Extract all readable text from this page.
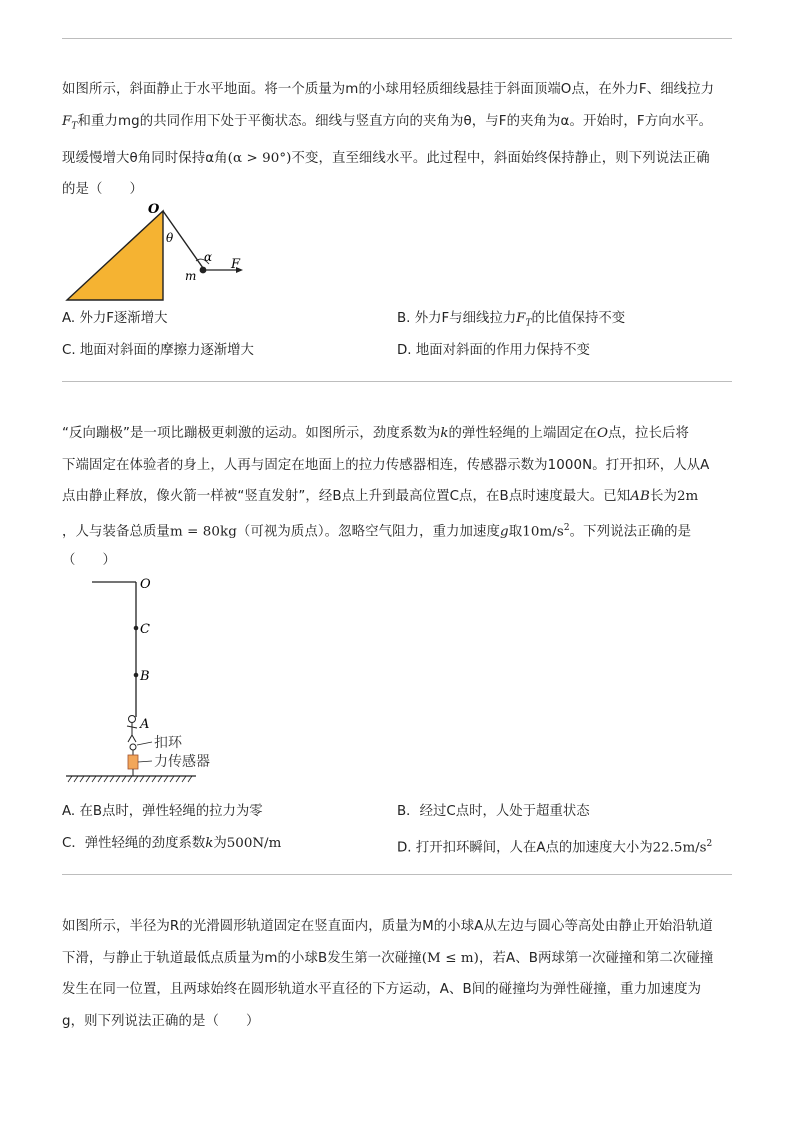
如图所示，斜面静止于水平地面。将一个质量为m的小球用轻质细线悬挂于斜面顶端O点，在外力F、细线拉力

$F_T$和重力mg的共同作用下处于平衡状态。细线与竖直方向的夹角为θ，与F的夹角为α。开始时，F方向水平。

现缓慢增大θ角同时保持α角(α > 90°)不变，直至细线水平。此过程中，斜面始终保持静止，则下列说法正确

的是（　　）

O
θ
m
α F
A. 外力F逐渐增大	B. 外力F与细线拉力$F_T$的比值保持不变
C. 地面对斜面的摩擦力逐渐增大	D. 地面对斜面的作用力保持不变

“反向蹦极”是一项比蹦极更刺激的运动。如图所示，劲度系数为k的弹性轻绳的上端固定在O点，拉长后将

下端固定在体验者的身上，人再与固定在地面上的拉力传感器相连，传感器示数为1000N。打开扣环，人从A

点由静止释放，像火箭一样被“竖直发射”，经B点上升到最高位置C点，在B点时速度最大。已知AB长为2m

，人与装备总质量m = 80kg（可视为质点）。忽略空气阻力，重力加速度g取$10m/s^2$。下列说法正确的是

（　　）

O
C
B
A
扣环
力传感器
A. 在B点时，弹性轻绳的拉力为零	B．经过C点时，人处于超重状态
C．弹性轻绳的劲度系数k为500N/m	D. 打开扣环瞬间，人在A点的加速度大小为$22.5m/s^2$

如图所示，半径为R的光滑圆形轨道固定在竖直面内，质量为M的小球A从左边与圆心等高处由静止开始沿轨道

下滑，与静止于轨道最低点质量为m的小球B发生第一次碰撞(M ≤ m)，若A、B两球第一次碰撞和第二次碰撞

发生在同一位置，且两球始终在圆形轨道水平直径的下方运动，A、B间的碰撞均为弹性碰撞，重力加速度为

g，则下列说法正确的是（　　）
